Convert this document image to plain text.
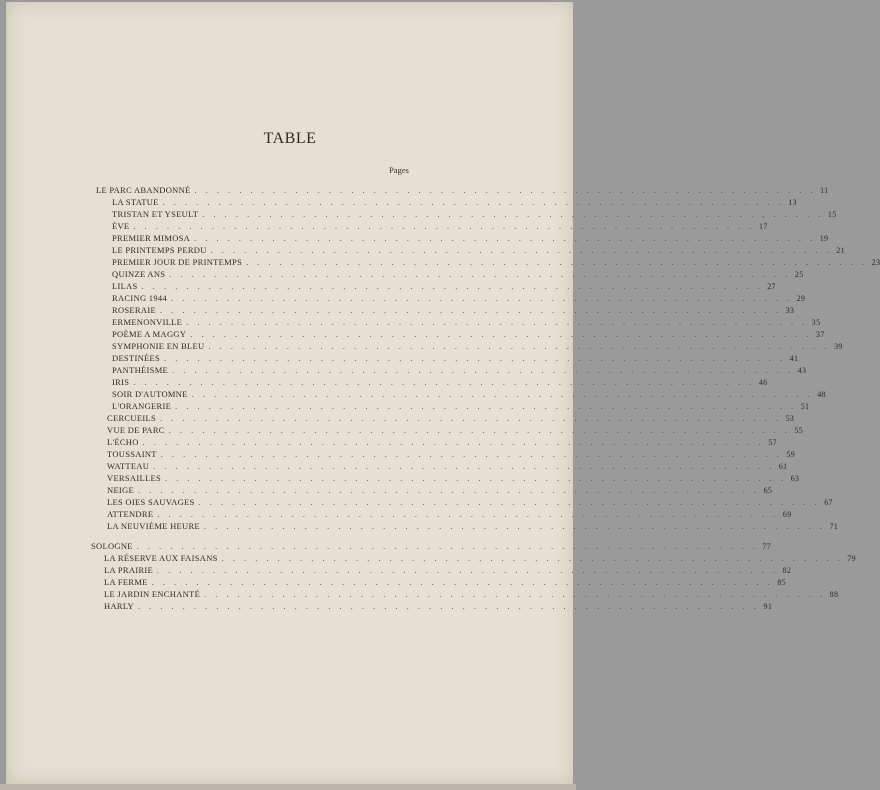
TABLE
Pages
LE PARC ABANDONNÉ . . . . . . . . . . . . . . . . . . . . . . . . . . . . . . . . . . . . . . . . . . . . . . . . . . . . . . . . 11
LA STATUE . . . . . . . . . . . . . . . . . . . . . . . . . . . . . . . . . . . . . . . . . . . . . . . . . . . . . . . . 13
TRISTAN ET YSEULT . . . . . . . . . . . . . . . . . . . . . . . . . . . . . . . . . . . . . . . . . . . . . . . . . . . . . . . . 15
ÈVE . . . . . . . . . . . . . . . . . . . . . . . . . . . . . . . . . . . . . . . . . . . . . . . . . . . . . . . . 17
PREMIER MIMOSA . . . . . . . . . . . . . . . . . . . . . . . . . . . . . . . . . . . . . . . . . . . . . . . . . . . . . . . . 19
LE PRINTEMPS PERDU . . . . . . . . . . . . . . . . . . . . . . . . . . . . . . . . . . . . . . . . . . . . . . . . . . . . . . . . 21
PREMIER JOUR DE PRINTEMPS . . . . . . . . . . . . . . . . . . . . . . . . . . . . . . . . . . . . . . . . . . . . . . . . . . . . . . . . 23
QUINZE ANS . . . . . . . . . . . . . . . . . . . . . . . . . . . . . . . . . . . . . . . . . . . . . . . . . . . . . . . . 25
LILAS . . . . . . . . . . . . . . . . . . . . . . . . . . . . . . . . . . . . . . . . . . . . . . . . . . . . . . . . 27
RACING 1944 . . . . . . . . . . . . . . . . . . . . . . . . . . . . . . . . . . . . . . . . . . . . . . . . . . . . . . . . 29
ROSERAIE . . . . . . . . . . . . . . . . . . . . . . . . . . . . . . . . . . . . . . . . . . . . . . . . . . . . . . . . 33
ERMENONVILLE . . . . . . . . . . . . . . . . . . . . . . . . . . . . . . . . . . . . . . . . . . . . . . . . . . . . . . . . 35
POÈME A MAGGY . . . . . . . . . . . . . . . . . . . . . . . . . . . . . . . . . . . . . . . . . . . . . . . . . . . . . . . . 37
SYMPHONIE EN BLEU . . . . . . . . . . . . . . . . . . . . . . . . . . . . . . . . . . . . . . . . . . . . . . . . . . . . . . . . 39
DESTINÉES . . . . . . . . . . . . . . . . . . . . . . . . . . . . . . . . . . . . . . . . . . . . . . . . . . . . . . . . 41
PANTHÉISME . . . . . . . . . . . . . . . . . . . . . . . . . . . . . . . . . . . . . . . . . . . . . . . . . . . . . . . . 43
IRIS . . . . . . . . . . . . . . . . . . . . . . . . . . . . . . . . . . . . . . . . . . . . . . . . . . . . . . . . 46
SOIR D'AUTOMNE . . . . . . . . . . . . . . . . . . . . . . . . . . . . . . . . . . . . . . . . . . . . . . . . . . . . . . . . 48
L'ORANGERIE . . . . . . . . . . . . . . . . . . . . . . . . . . . . . . . . . . . . . . . . . . . . . . . . . . . . . . . . 51
CERCUEILS . . . . . . . . . . . . . . . . . . . . . . . . . . . . . . . . . . . . . . . . . . . . . . . . . . . . . . . . 53
VUE DE PARC . . . . . . . . . . . . . . . . . . . . . . . . . . . . . . . . . . . . . . . . . . . . . . . . . . . . . . . . 55
L'ÉCHO . . . . . . . . . . . . . . . . . . . . . . . . . . . . . . . . . . . . . . . . . . . . . . . . . . . . . . . . 57
TOUSSAINT . . . . . . . . . . . . . . . . . . . . . . . . . . . . . . . . . . . . . . . . . . . . . . . . . . . . . . . . 59
WATTEAU . . . . . . . . . . . . . . . . . . . . . . . . . . . . . . . . . . . . . . . . . . . . . . . . . . . . . . . . 61
VERSAILLES . . . . . . . . . . . . . . . . . . . . . . . . . . . . . . . . . . . . . . . . . . . . . . . . . . . . . . . . 63
NEIGE . . . . . . . . . . . . . . . . . . . . . . . . . . . . . . . . . . . . . . . . . . . . . . . . . . . . . . . . 65
LES OIES SAUVAGES . . . . . . . . . . . . . . . . . . . . . . . . . . . . . . . . . . . . . . . . . . . . . . . . . . . . . . . . 67
ATTENDRE . . . . . . . . . . . . . . . . . . . . . . . . . . . . . . . . . . . . . . . . . . . . . . . . . . . . . . . . 69
LA NEUVIÈME HEURE . . . . . . . . . . . . . . . . . . . . . . . . . . . . . . . . . . . . . . . . . . . . . . . . . . . . . . . . 71
SOLOGNE . . . . . . . . . . . . . . . . . . . . . . . . . . . . . . . . . . . . . . . . . . . . . . . . . . . . . . . . 77
LA RÉSERVE AUX FAISANS . . . . . . . . . . . . . . . . . . . . . . . . . . . . . . . . . . . . . . . . . . . . . . . . . . . . . . . . 79
LA PRAIRIE . . . . . . . . . . . . . . . . . . . . . . . . . . . . . . . . . . . . . . . . . . . . . . . . . . . . . . . . 82
LA FERME . . . . . . . . . . . . . . . . . . . . . . . . . . . . . . . . . . . . . . . . . . . . . . . . . . . . . . . . 85
LE JARDIN ENCHANTÉ . . . . . . . . . . . . . . . . . . . . . . . . . . . . . . . . . . . . . . . . . . . . . . . . . . . . . . . . 88
HARLY . . . . . . . . . . . . . . . . . . . . . . . . . . . . . . . . . . . . . . . . . . . . . . . . . . . . . . . . 91
